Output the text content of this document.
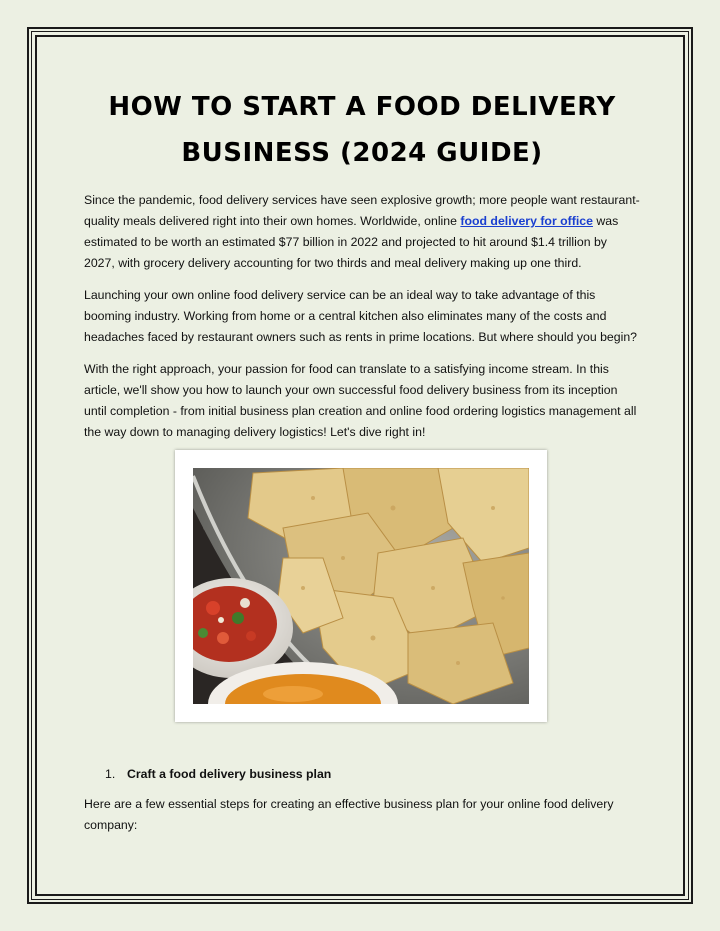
HOW TO START A FOOD DELIVERY
BUSINESS (2024 GUIDE)

Since the pandemic, food delivery services have seen explosive growth; more people want restaurant-quality meals delivered right into their own homes. Worldwide, online food delivery for office was estimated to be worth an estimated $77 billion in 2022 and projected to hit around $1.4 trillion by 2027, with grocery delivery accounting for two thirds and meal delivery making up one third.

Launching your own online food delivery service can be an ideal way to take advantage of this booming industry. Working from home or a central kitchen also eliminates many of the costs and headaches faced by restaurant owners such as rents in prime locations. But where should you begin?

With the right approach, your passion for food can translate to a satisfying income stream. In this article, we'll show you how to launch your own successful food delivery business from its inception until completion - from initial business plan creation and online food ordering logistics management all the way down to managing delivery logistics! Let's dive right in!

1. Craft a food delivery business plan

Here are a few essential steps for creating an effective business plan for your online food delivery company:
